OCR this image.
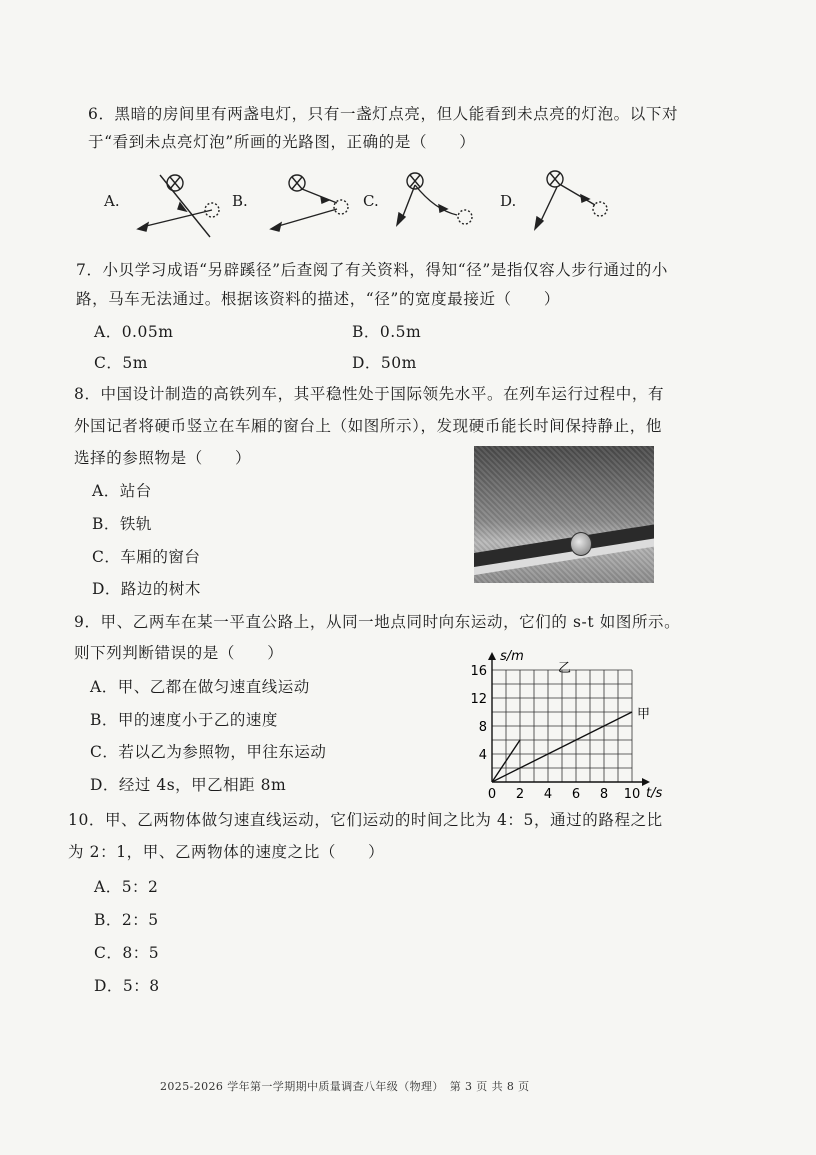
6．黑暗的房间里有两盏电灯，只有一盏灯点亮，但人能看到未点亮的灯泡。以下对
于“看到未点亮灯泡”所画的光路图，正确的是（　　）
A.	B.	C.	D.
7．小贝学习成语“另辟蹊径”后查阅了有关资料，得知“径”是指仅容人步行通过的小
路，马车无法通过。根据该资料的描述，“径”的宽度最接近（　　）
A．0.05m	B．0.5m
C．5m	D．50m
8．中国设计制造的高铁列车，其平稳性处于国际领先水平。在列车运行过程中，有
外国记者将硬币竖立在车厢的窗台上（如图所示），发现硬币能长时间保持静止，他
选择的参照物是（　　）
A．站台
B．铁轨
C．车厢的窗台
D．路边的树木
9．甲、乙两车在某一平直公路上，从同一地点同时向东运动，它们的 s-t 如图所示。
则下列判断错误的是（　　）
A．甲、乙都在做匀速直线运动
B．甲的速度小于乙的速度
C．若以乙为参照物，甲往东运动
D．经过 4s，甲乙相距 8m
甲
乙
t/s
s/m
0 2 4 6 8 10
4
8
12
16
10．甲、乙两物体做匀速直线运动，它们运动的时间之比为 4：5，通过的路程之比
为 2：1，甲、乙两物体的速度之比（　　）
A．5：2
B．2：5
C．8：5
D．5：8
2025-2026 学年第一学期期中质量调查八年级（物理）　第 3 页 共 8 页
